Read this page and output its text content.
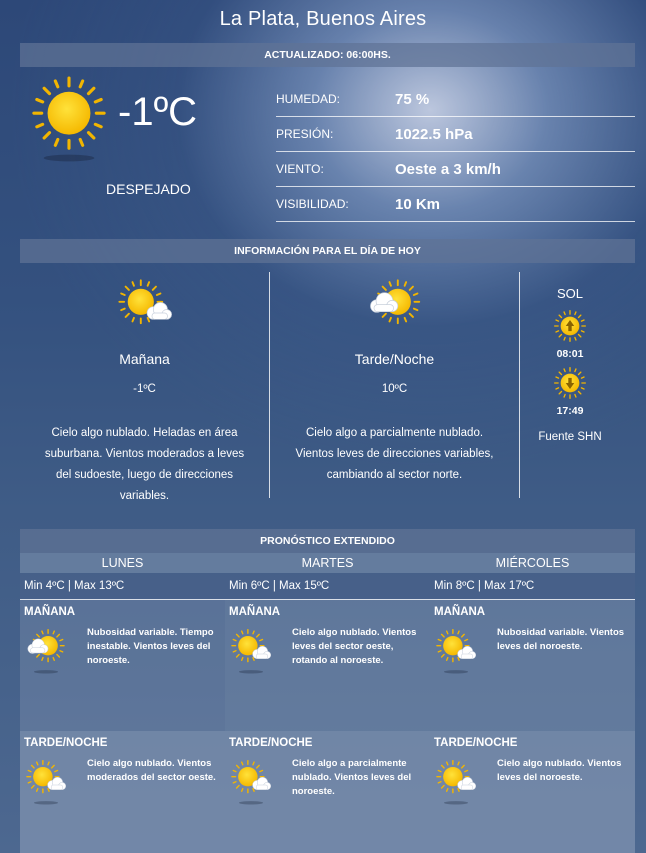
La Plata, Buenos Aires
ACTUALIZADO: 06:00HS.
-1ºC
DESPEJADO
HUMEDAD:	75 %
PRESIÓN:	1022.5 hPa
VIENTO:	Oeste a 3 km/h
VISIBILIDAD:	10 Km
INFORMACIÓN PARA EL DÍA DE HOY
Mañana
-1ºC
Cielo algo nublado. Heladas en área
suburbana. Vientos moderados a leves
del sudoeste, luego de direcciones
variables.
Tarde/Noche
10ºC
Cielo algo a parcialmente nublado.
Vientos leves de direcciones variables,
cambiando al sector norte.
SOL
08:01
17:49
Fuente SHN
PRONÓSTICO EXTENDIDO
LUNES
Min 4ºC | Max 13ºC
MAÑANA
Nubosidad variable. Tiempo inestable. Vientos leves del noroeste.
TARDE/NOCHE
Cielo algo nublado. Vientos moderados del sector oeste.
MARTES
Min 6ºC | Max 15ºC
MAÑANA
Cielo algo nublado. Vientos leves del sector oeste, rotando al noroeste.
TARDE/NOCHE
Cielo algo a parcialmente nublado. Vientos leves del noroeste.
MIÉRCOLES
Min 8ºC | Max 17ºC
MAÑANA
Nubosidad variable. Vientos leves del noroeste.
TARDE/NOCHE
Cielo algo nublado. Vientos leves del noroeste.
